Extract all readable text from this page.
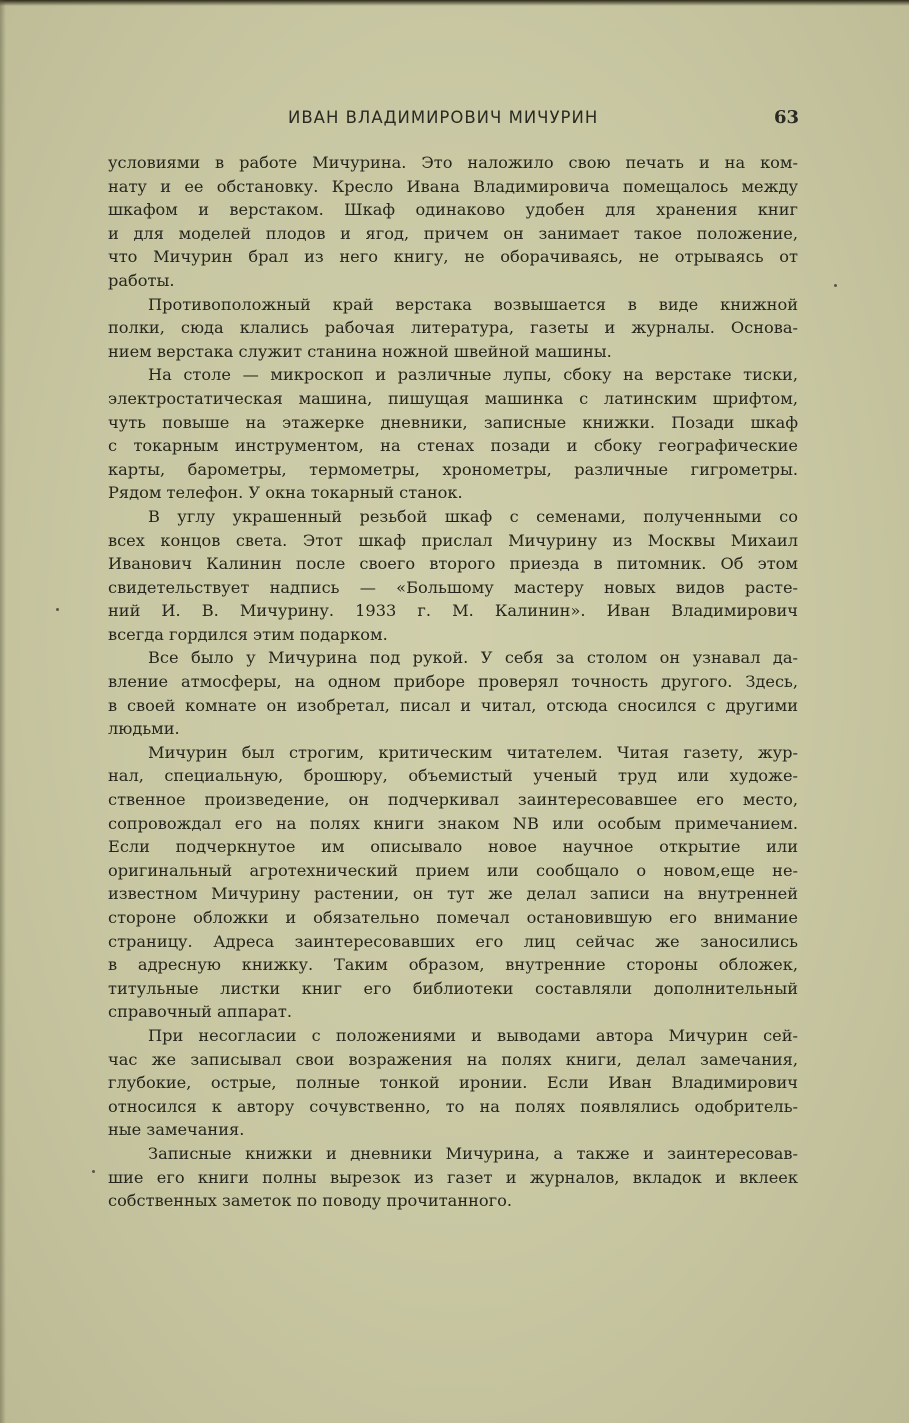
ИВАН ВЛАДИМИРОВИЧ МИЧУРИН	63
условиями в работе Мичурина. Это наложило свою печать и на ком-
нату и ее обстановку. Кресло Ивана Владимировича помещалось между
шкафом и верстаком. Шкаф одинаково удобен для хранения книг
и для моделей плодов и ягод, причем он занимает такое положение,
что Мичурин брал из него книгу, не оборачиваясь, не отрываясь от
работы.
Противоположный край верстака возвышается в виде книжной
полки, сюда клались рабочая литература, газеты и журналы. Основа-
нием верстака служит станина ножной швейной машины.
На столе — микроскоп и различные лупы, сбоку на верстаке тиски,
электростатическая машина, пишущая машинка с латинским шрифтом,
чуть повыше на этажерке дневники, записные книжки. Позади шкаф
с токарным инструментом, на стенах позади и сбоку географические
карты, барометры, термометры, хронометры, различные гигрометры.
Рядом телефон. У окна токарный станок.
В углу украшенный резьбой шкаф с семенами, полученными со
всех концов света. Этот шкаф прислал Мичурину из Москвы Михаил
Иванович Калинин после своего второго приезда в питомник. Об этом
свидетельствует надпись — «Большому мастеру новых видов расте-
ний И. В. Мичурину. 1933 г. М. Калинин». Иван Владимирович
всегда гордился этим подарком.
Все было у Мичурина под рукой. У себя за столом он узнавал да-
вление атмосферы, на одном приборе проверял точность другого. Здесь,
в своей комнате он изобретал, писал и читал, отсюда сносился с другими
людьми.
Мичурин был строгим, критическим читателем. Читая газету, жур-
нал, специальную, брошюру, объемистый ученый труд или художе-
ственное произведение, он подчеркивал заинтересовавшее его место,
сопровождал его на полях книги знаком NB или особым примечанием.
Если подчеркнутое им описывало новое научное открытие или
оригинальный агротехнический прием или сообщало о новом,еще не-
известном Мичурину растении, он тут же делал записи на внутренней
стороне обложки и обязательно помечал остановившую его внимание
страницу. Адреса заинтересовавших его лиц сейчас же заносились
в адресную книжку. Таким образом, внутренние стороны обложек,
титульные листки книг его библиотеки составляли дополнительный
справочный аппарат.
При несогласии с положениями и выводами автора Мичурин сей-
час же записывал свои возражения на полях книги, делал замечания,
глубокие, острые, полные тонкой иронии. Если Иван Владимирович
относился к автору сочувственно, то на полях появлялись одобритель-
ные замечания.
Записные книжки и дневники Мичурина, а также и заинтересовав-
шие его книги полны вырезок из газет и журналов, вкладок и вклеек
собственных заметок по поводу прочитанного.
